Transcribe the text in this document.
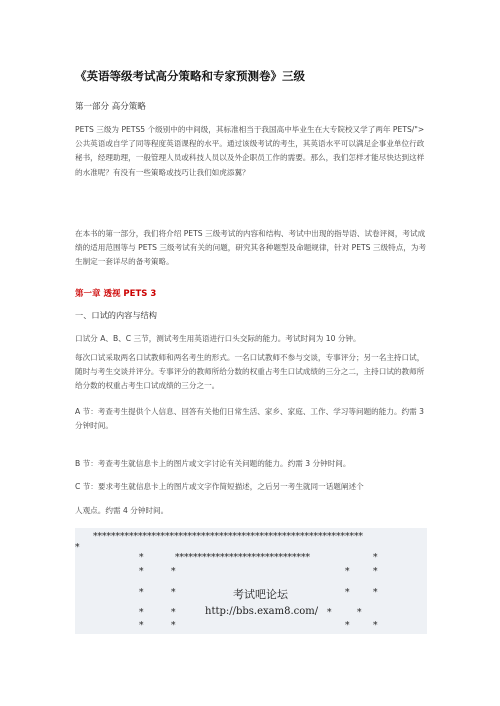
《英语等级考试高分策略和专家预测卷》三级
第一部分 高分策略

PETS 三级为 PETS5 个级别中的中间级，其标准相当于我国高中毕业生在大专院校又学了两年 PETS/">公共英语或自学了同等程度英语课程的水平。通过该级考试的考生，其英语水平可以满足企事业单位行政秘书，经理助理，一般管理人员或科技人员以及外企职员工作的需要。那么，我们怎样才能尽快达到这样的水准呢？有没有一些策略或技巧让我们如虎添翼？

在本书的第一部分，我们将介绍 PETS 三级考试的内容和结构、考试中出现的指导语、试卷评阅，考试成绩的适用范围等与 PETS 三级考试有关的问题，研究其各种题型及命题规律，针对 PETS 三级特点，为考生制定一套详尽的备考策略。

第一章 透视 PETS 3
一、口试的内容与结构
口试分 A、B、C 三节，测试考生用英语进行口头交际的能力。考试时间为 10 分钟。

每次口试采取两名口试教师和两名考生的形式。一名口试教师不参与交谈，专事评分；另一名主持口试，随时与考生交谈并评分。专事评分的教师所给分数的权重占考生口试成绩的三分之二，主持口试的教师所给分数的权重占考生口试成绩的三分之一。

A 节：考查考生提供个人信息、回答有关他们日常生活、家乡、家庭、工作、学习等问题的能力。约需 3 分钟时间。

B 节：考查考生就信息卡上的图片或文字讨论有关问题的能力。约需 3 分钟时间。
C 节：要求考生就信息卡上的图片或文字作简短描述，之后另一考生就同一话题阐述个
人观点。约需 4 分钟时间。
************************************************************
*
*	******************************	*
*	*	*	*
*	*	考试吧论坛	*	*
*	*	http://bbs.exam8.com/ *	*
*	*	*	*
